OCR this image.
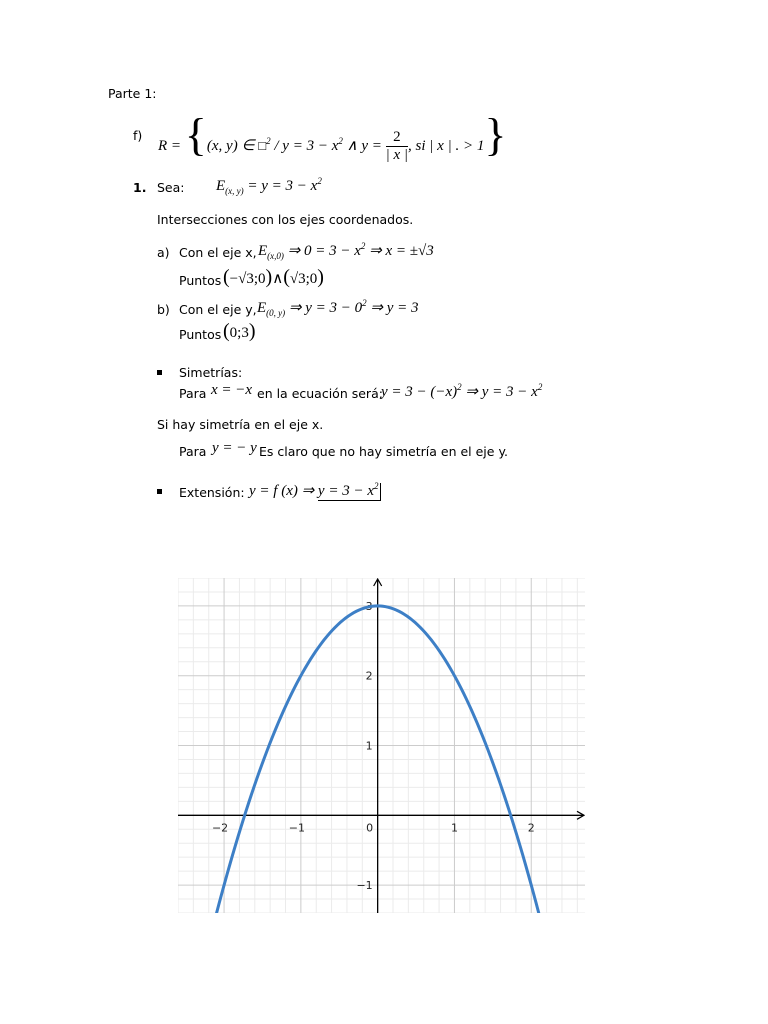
Parte 1:
f)
R = {(x, y) ∈ □$^2$ / $y = 3 - x^2$ ∧ $y = \frac{2}{| x |}$ , si | x | . > 1}
1. Sea: $E_{(x, y)} = y = 3 - x^2$
Intersecciones con los ejes coordenados.
a) Con el eje x, $E_{(x,0)}$ ⇒ $0 = 3 - x^2$ ⇒ x = ±√3
Puntos (−√3;0)∧(√3;0)
b) Con el eje y, $E_{(0, y)}$ ⇒ $y = 3 - 0^2$ ⇒ y = 3
Puntos (0;3)
Simetrías:
Para x = −x en la ecuación será:
$y = 3 - (-x)^2$ ⇒ $y = 3 - x^2$
Si hay simetría en el eje x.
Para y = − y Es claro que no hay simetría en el eje y.
Extensión: y = f (x) ⇒ $y = 3 - x^2$
−2	−1	0	1	2
3
2
1
−1
